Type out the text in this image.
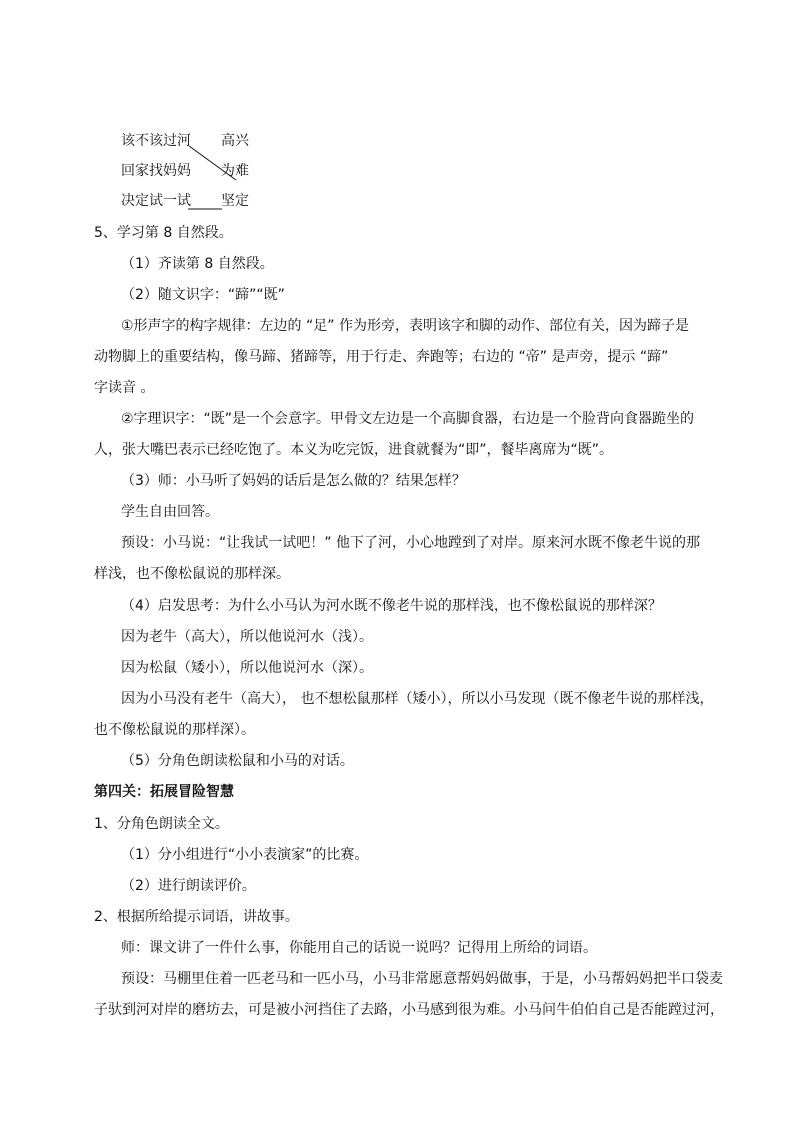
该不该过河
回家找妈妈
决定试一试
高兴
为难
坚定
5、学习第 8 自然段。
（1）齐读第 8 自然段。
（2）随文识字：“蹄”“既”
①形声字的构字规律：左边的 “足” 作为形旁，表明该字和脚的动作、部位有关，因为蹄子是
动物脚上的重要结构，像马蹄、猪蹄等，用于行走、奔跑等；右边的 “帝” 是声旁，提示 “蹄”
字读音 。
②字理识字：“既”是一个会意字。甲骨文左边是一个高脚食器，右边是一个脸背向食器跪坐的
人，张大嘴巴表示已经吃饱了。本义为吃完饭，进食就餐为“即”，餐毕离席为“既”。
（3）师：小马听了妈妈的话后是怎么做的？结果怎样？
学生自由回答。
预设：小马说：“让我试一试吧！” 他下了河，小心地蹚到了对岸。原来河水既不像老牛说的那
样浅，也不像松鼠说的那样深。
（4）启发思考：为什么小马认为河水既不像老牛说的那样浅，也不像松鼠说的那样深？
因为老牛（高大），所以他说河水（浅）。
因为松鼠（矮小），所以他说河水（深）。
因为小马没有老牛（高大）， 也不想松鼠那样（矮小），所以小马发现（既不像老牛说的那样浅，
也不像松鼠说的那样深）。
（5）分角色朗读松鼠和小马的对话。
第四关：拓展冒险智慧
1、分角色朗读全文。
（1）分小组进行“小小表演家”的比赛。
（2）进行朗读评价。
2、根据所给提示词语，讲故事。
师：课文讲了一件什么事，你能用自己的话说一说吗？记得用上所给的词语。
预设：马棚里住着一匹老马和一匹小马，小马非常愿意帮妈妈做事，于是，小马帮妈妈把半口袋麦
子驮到河对岸的磨坊去，可是被小河挡住了去路，小马感到很为难。小马问牛伯伯自己是否能蹚过河，
